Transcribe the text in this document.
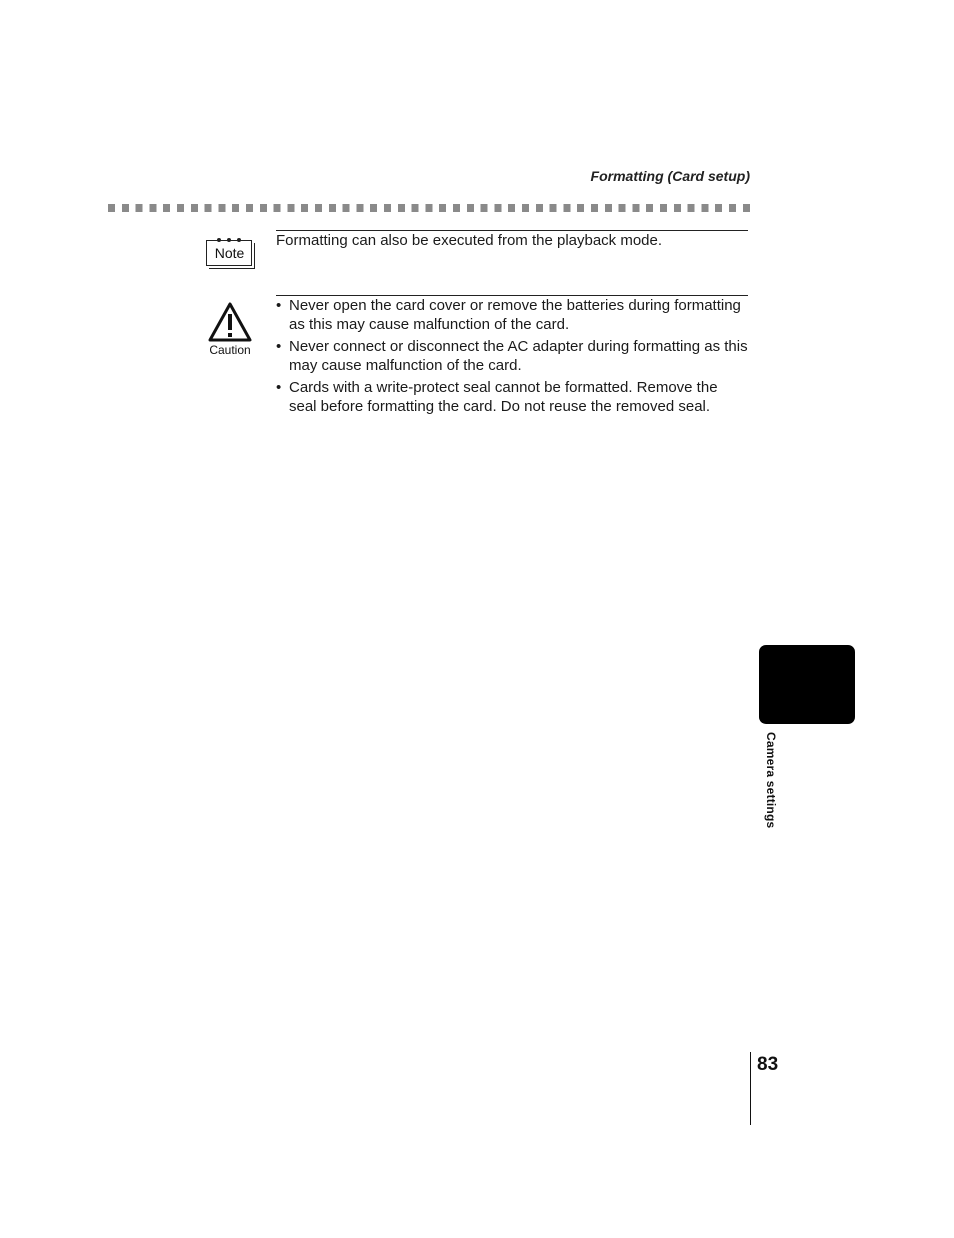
Formatting (Card setup)
Note

Formatting can also be executed from the playback mode.

Caution
• Never open the card cover or remove the batteries during formatting as this may cause malfunction of the card.
• Never connect or disconnect the AC adapter during formatting as this may cause malfunction of the card.
• Cards with a write-protect seal cannot be formatted. Remove the seal before formatting the card. Do not reuse the removed seal.
Camera settings
83
